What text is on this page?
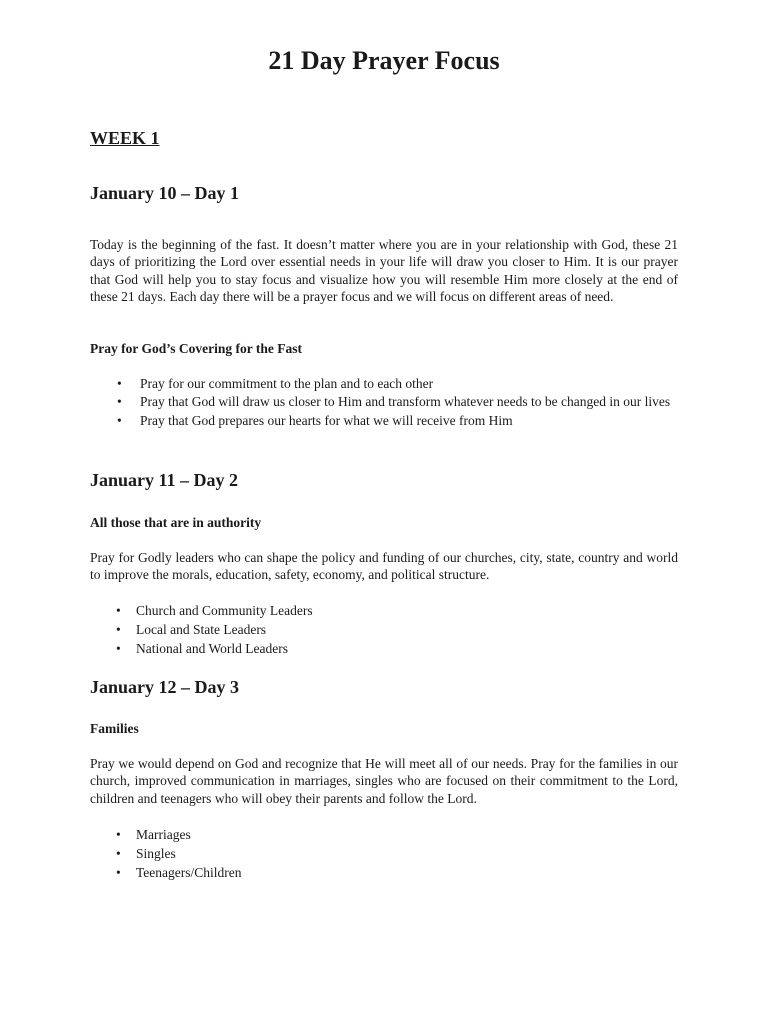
21 Day Prayer Focus
WEEK 1
January 10 – Day 1

Today is the beginning of the fast. It doesn’t matter where you are in your relationship with God, these 21 days of prioritizing the Lord over essential needs in your life will draw you closer to Him. It is our prayer that God will help you to stay focus and visualize how you will resemble Him more closely at the end of these 21 days. Each day there will be a prayer focus and we will focus on different areas of need.

Pray for God’s Covering for the Fast
• Pray for our commitment to the plan and to each other
• Pray that God will draw us closer to Him and transform whatever needs to be changed in our lives
• Pray that God prepares our hearts for what we will receive from Him
January 11 – Day 2
All those that are in authority

Pray for Godly leaders who can shape the policy and funding of our churches, city, state, country and world to improve the morals, education, safety, economy, and political structure.

• Church and Community Leaders
• Local and State Leaders
• National and World Leaders
January 12 – Day 3
Families

Pray we would depend on God and recognize that He will meet all of our needs. Pray for the families in our church, improved communication in marriages, singles who are focused on their commitment to the Lord, children and teenagers who will obey their parents and follow the Lord.

• Marriages
• Singles
• Teenagers/Children
